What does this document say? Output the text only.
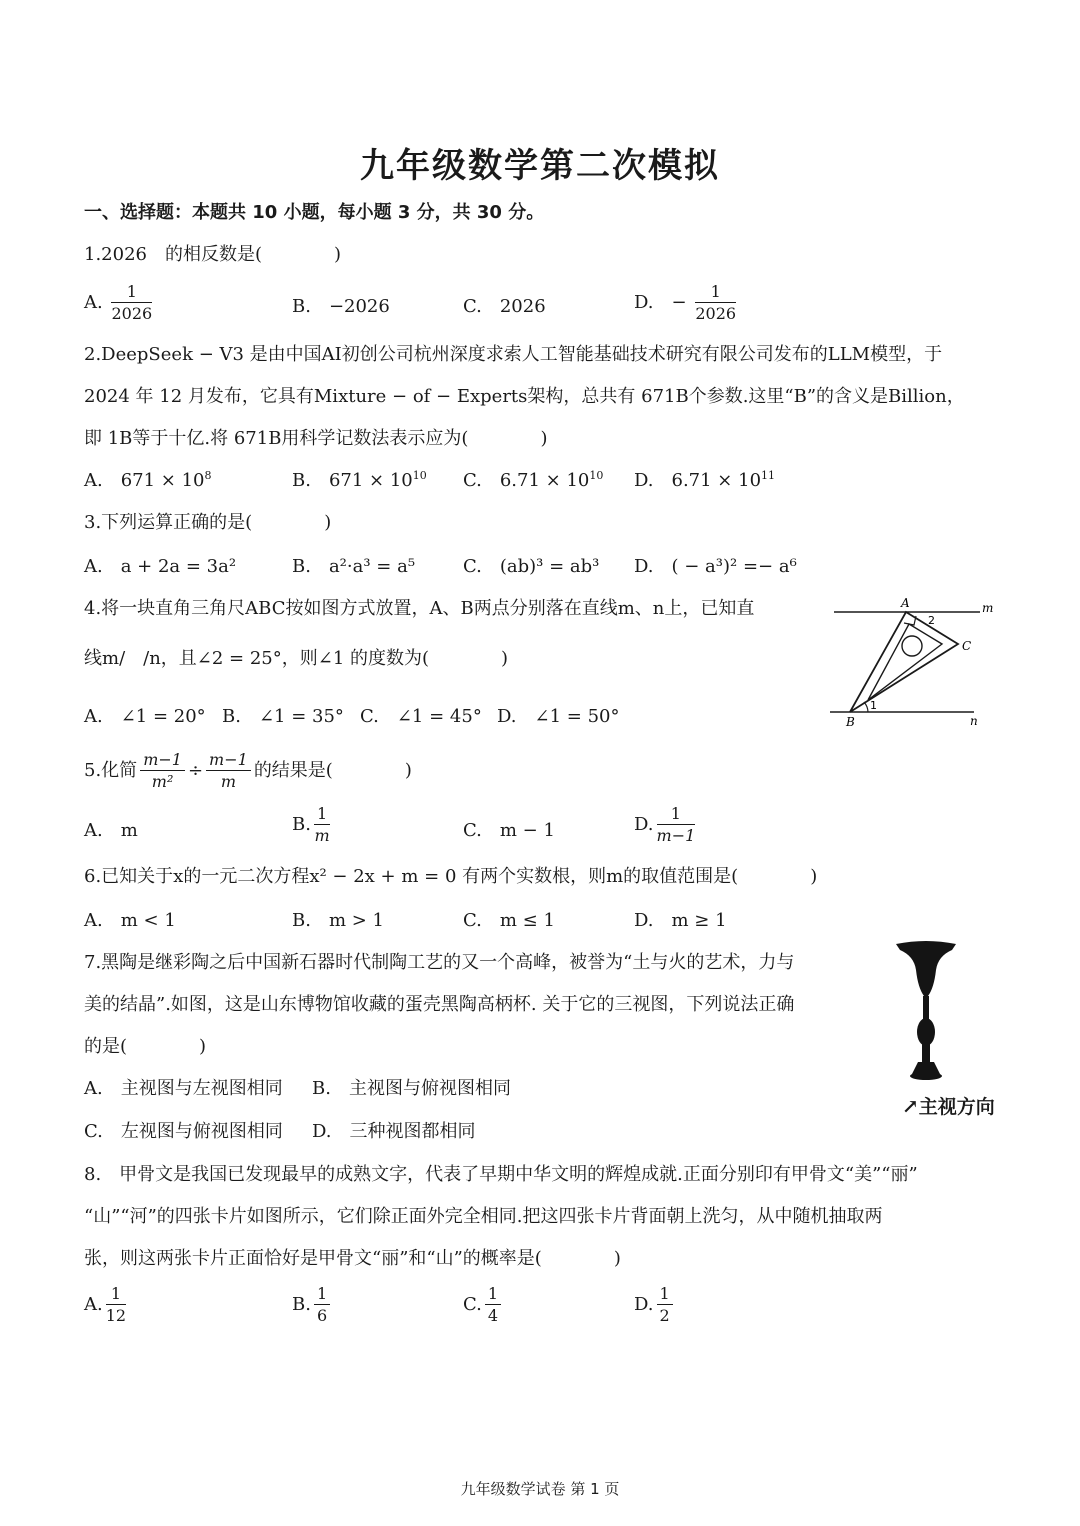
九年级数学第二次模拟
一、选择题：本题共 10 小题，每小题 3 分，共 30 分。
1.2026　的相反数是(　　　　)
A. $\frac{1}{2026}$	B.　−2026	C.　2026	D.　− $\frac{1}{2026}$
2.DeepSeek − V3 是由中国AI初创公司杭州深度求索人工智能基础技术研究有限公司发布的LLM模型，于
2024 年 12 月发布，它具有Mixture − of − Experts架构，总共有 671B个参数.这里“B”的含义是Billion，
即 1B等于十亿.将 671B用科学记数法表示应为(　　　　)
A.　$671 \times 10^8$	B.　$671 \times 10^{10}$ C.　$6.71 \times 10^{10}$ D.　$6.71 \times 10^{11}$
3.下列运算正确的是(　　　　)
A.　a + 2a = 3a²	B.　a²·a³ = a⁵	C.　(ab)³ = ab³ D.　( − a³)² =− a⁶
4.将一块直角三角尺ABC按如图方式放置，A、B两点分别落在直线m、n上，已知直
线m/　/n，且∠2 = 25°，则∠1 的度数为(　　　　)
A.　∠1 = 20° B.　∠1 = 35° C.　∠1 = 45° D.　∠1 = 50°
A
B
C
m
n
1
2
5.化简 $\frac{m-1}{\text{m²}} \div \frac{m-1}{m}$ 的结果是(　　　　)
A.　m	B. $\frac{1}{m}$	C.　m − 1	D. $\frac{1}{m-1}$
6.已知关于x的一元二次方程x² − 2x + m = 0 有两个实数根，则m的取值范围是(　　　　)
A.　m < 1	B.　m > 1	C.　m ≤ 1	D.　m ≥ 1
7.黑陶是继彩陶之后中国新石器时代制陶工艺的又一个高峰，被誉为“土与火的艺术，力与
美的结晶”.如图，这是山东博物馆收藏的蛋壳黑陶高柄杯. 关于它的三视图，下列说法正确
的是(　　　　)
A.　主视图与左视图相同 B.　主视图与俯视图相同
C.　左视图与俯视图相同 D.　三种视图都相同
↗主视方向
8.　甲骨文是我国已发现最早的成熟文字，代表了早期中华文明的辉煌成就.正面分别印有甲骨文“美”“丽”
“山”“河”的四张卡片如图所示，它们除正面外完全相同.把这四张卡片背面朝上洗匀，从中随机抽取两
张，则这两张卡片正面恰好是甲骨文“丽”和“山”的概率是(　　　　)
A. $\frac{1}{12}$	B. $\frac{1}{6}$	C. $\frac{1}{4}$	D. $\frac{1}{2}$
九年级数学试卷 第 1 页
